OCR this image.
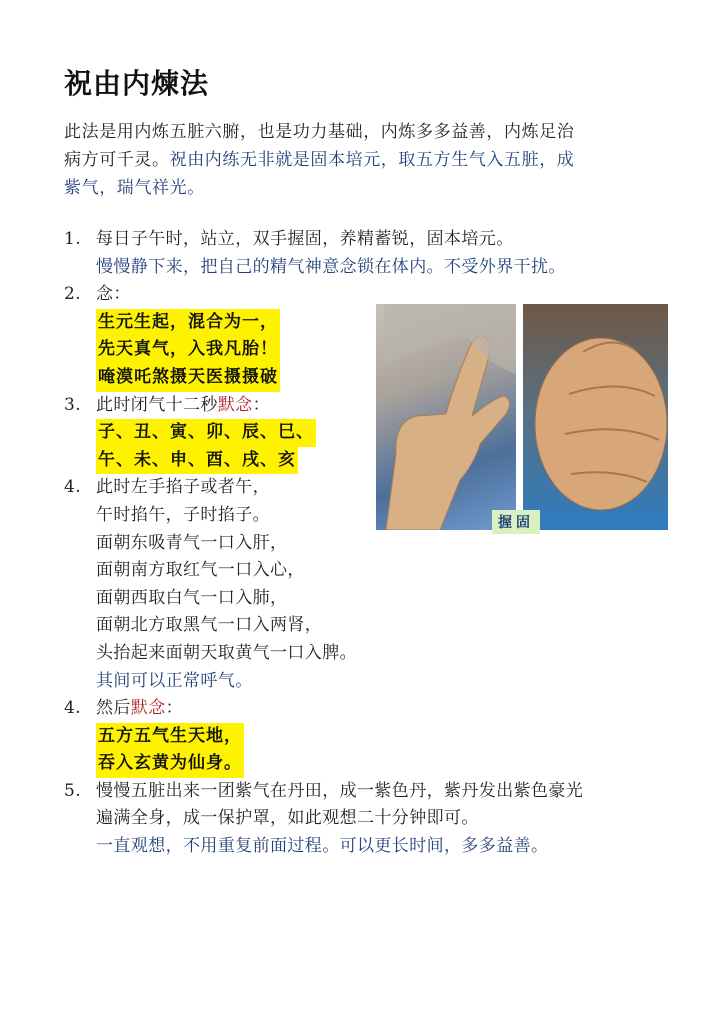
祝由内煉法
此法是用内炼五脏六腑，也是功力基础，内炼多多益善，内炼足治
病方可千灵。祝由内练无非就是固本培元，取五方生气入五脏，成
紫气，瑞气祥光。
1. 每日子午时，站立，双手握固，养精蓄锐，固本培元。
慢慢静下来，把自己的精气神意念锁在体内。不受外界干扰。
2. 念：
生元生起，混合为一，
先天真气，入我凡胎！
唵漠吒煞摄天医摄摄破
3. 此时闭气十二秒默念：
子、丑、寅、卯、辰、巳、
午、未、申、酉、戌、亥
4. 此时左手掐子或者午，
午时掐午，子时掐子。
面朝东吸青气一口入肝，
面朝南方取红气一口入心，
面朝西取白气一口入肺，
面朝北方取黑气一口入两肾，
头抬起来面朝天取黄气一口入脾。
其间可以正常呼气。
4. 然后默念：
五方五气生天地，
吞入玄黄为仙身。
5. 慢慢五脏出来一团紫气在丹田，成一紫色丹，紫丹发出紫色豪光
遍满全身，成一保护罩，如此观想二十分钟即可。
一直观想，不用重复前面过程。可以更长时间，多多益善。
握固
